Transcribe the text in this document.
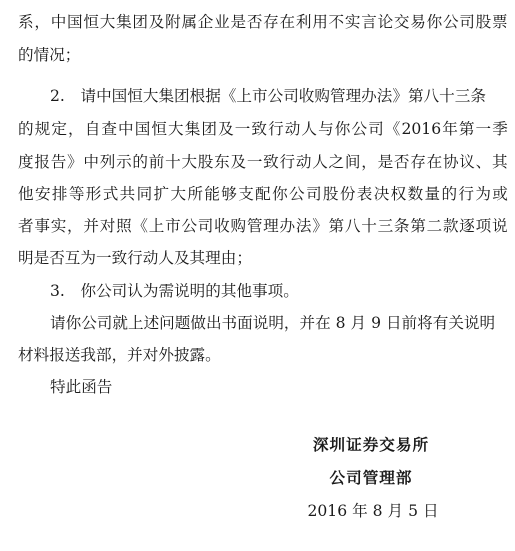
系 ， 中 国 恒 大 集 团 及 附 属 企 业 是 否 存 在 利 用 不 实 言 论 交 易 你 公 司 股 票
的情况；
2.　请中国恒大集团根据《上市公司收购管理办法》第八十三条
的 规 定 ， 自 查 中 国 恒 大 集 团 及 一 致 行 动 人 与 你 公 司 《 2016 年 第 一 季
度 报 告 》 中 列 示 的 前 十 大 股 东 及 一 致 行 动 人 之 间 ， 是 否 存 在 协 议 、 其
他 安 排 等 形 式 共 同 扩 大 所 能 够 支 配 你 公 司 股 份 表 决 权 数 量 的 行 为 或
者 事 实 ， 并 对 照 《 上 市 公 司 收 购 管 理 办 法 》 第 八 十 三 条 第 二 款 逐 项 说
明是否互为一致行动人及其理由；
3.　你公司认为需说明的其他事项。
请你公司就上述问题做出书面说明，并在 8 月 9 日前将有关说明
材料报送我部，并对外披露。
特此函告
深圳证券交易所
公司管理部
2016 年 8 月 5 日
